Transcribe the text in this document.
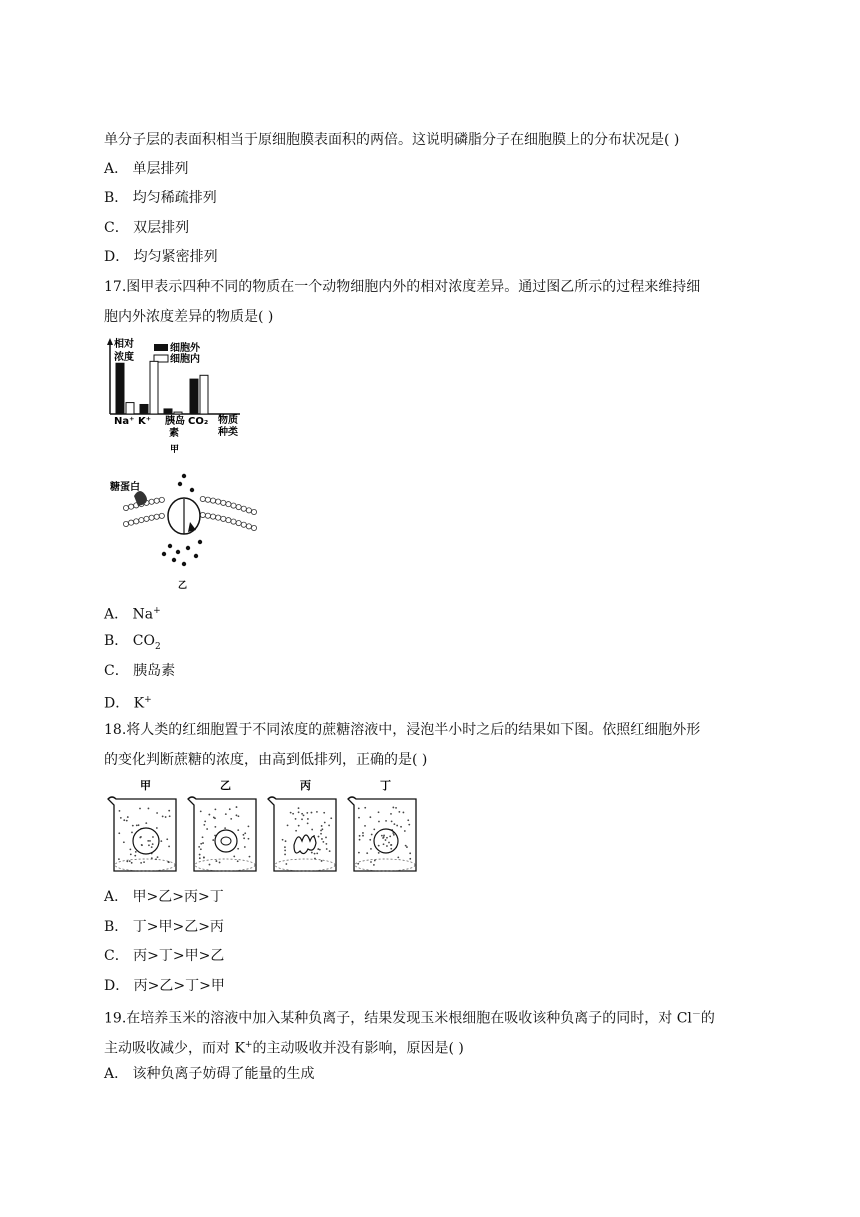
单分子层的表面积相当于原细胞膜表面积的两倍。这说明磷脂分子在细胞膜上的分布状况是( )
A． 单层排列
B． 均匀稀疏排列
C． 双层排列
D． 均匀紧密排列
17.图甲表示四种不同的物质在一个动物细胞内外的相对浓度差异。通过图乙所示的过程来维持细
胞内外浓度差异的物质是( )
相对
浓度
细胞外
细胞内
Na⁺ K⁺ 胰岛
素
CO₂ 物质
种类
甲
糖蛋白
乙
A． Na+
B． $CO_2$
C． 胰岛素
D． K+
18.将人类的红细胞置于不同浓度的蔗糖溶液中，浸泡半小时之后的结果如下图。依照红细胞外形
的变化判断蔗糖的浓度，由高到低排列，正确的是( )
甲	乙	丙	丁
A． 甲>乙>丙>丁
B． 丁>甲>乙>丙
C． 丙>丁>甲>乙
D． 丙>乙>丁>甲
19.在培养玉米的溶液中加入某种负离子，结果发现玉米根细胞在吸收该种负离子的同时，对 Cl－的
主动吸收减少，而对 K+的主动吸收并没有影响，原因是( )
A． 该种负离子妨碍了能量的生成
